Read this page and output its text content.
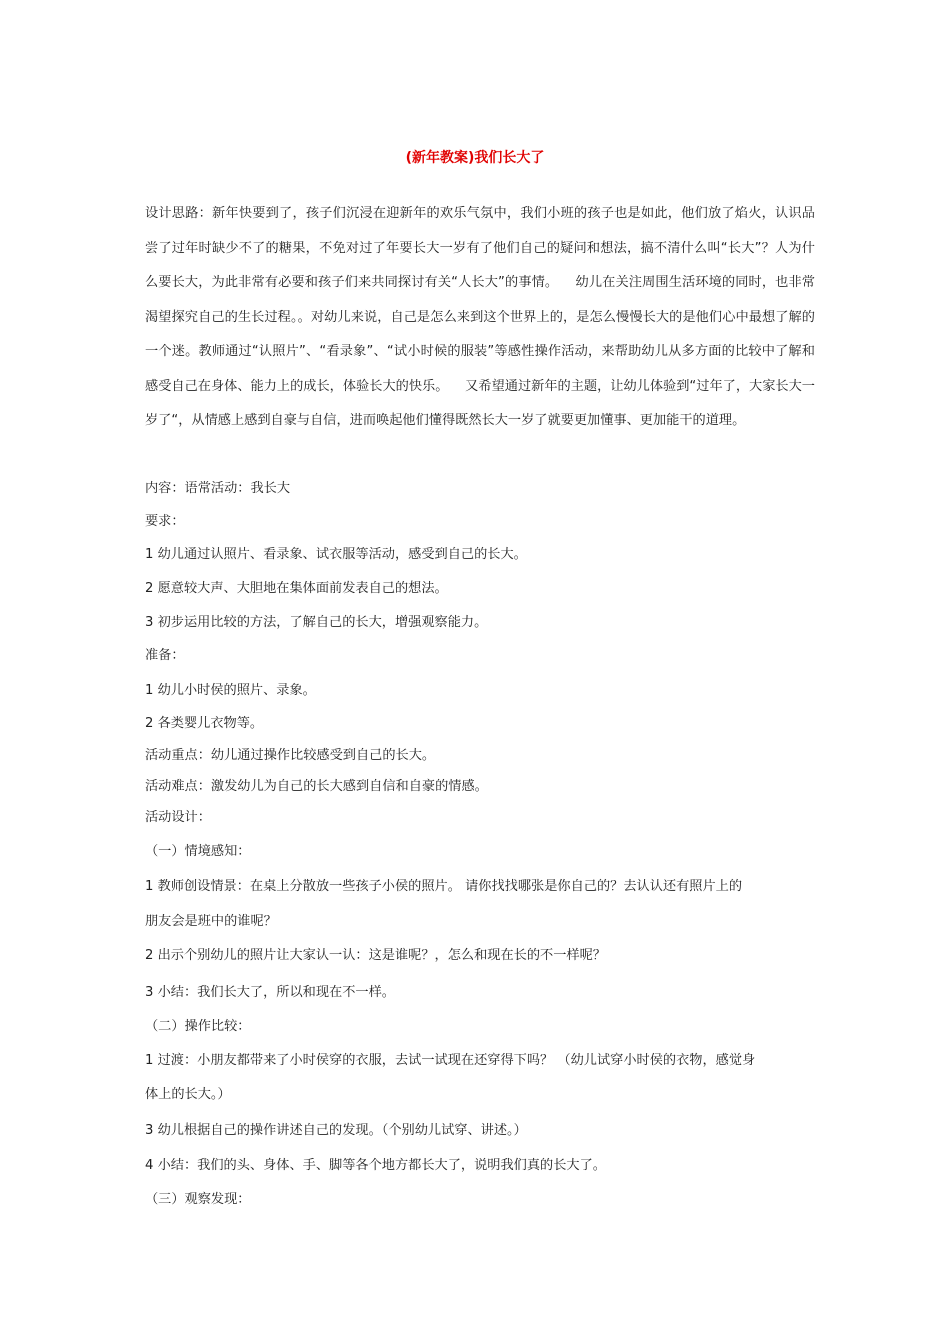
(新年教案)我们长大了
设计思路：新年快要到了，孩子们沉浸在迎新年的欢乐气氛中，我们小班的孩子也是如此，他们放了焰火，认识品尝了过年时缺少不了的糖果，不免对过了年要长大一岁有了他们自己的疑问和想法，搞不清什么叫“长大”？人为什么要长大，为此非常有必要和孩子们来共同探讨有关“人长大”的事情。    幼儿在关注周围生活环境的同时，也非常渴望探究自己的生长过程。。对幼儿来说，自己是怎么来到这个世界上的，是怎么慢慢长大的是他们心中最想了解的一个迷。教师通过“认照片”、“看录象”、“试小时候的服装”等感性操作活动，来帮助幼儿从多方面的比较中了解和感受自己在身体、能力上的成长，体验长大的快乐。    又希望通过新年的主题，让幼儿体验到“过年了，大家长大一岁了“，从情感上感到自豪与自信，进而唤起他们懂得既然长大一岁了就要更加懂事、更加能干的道理。
内容：语常活动：我长大
要求：
1 幼儿通过认照片、看录象、试衣服等活动，感受到自己的长大。
2 愿意较大声、大胆地在集体面前发表自己的想法。
3 初步运用比较的方法，了解自己的长大，增强观察能力。
准备：
1 幼儿小时侯的照片、录象。
2 各类婴儿衣物等。
活动重点：幼儿通过操作比较感受到自己的长大。
活动难点：激发幼儿为自己的长大感到自信和自豪的情感。
活动设计：
（一）情境感知：
1 教师创设情景：在桌上分散放一些孩子小侯的照片。 请你找找哪张是你自己的？去认认还有照片上的
朋友会是班中的谁呢？
2 出示个别幼儿的照片让大家认一认：这是谁呢？，怎么和现在长的不一样呢？
3 小结：我们长大了，所以和现在不一样。
（二）操作比较：
1 过渡：小朋友都带来了小时侯穿的衣服，去试一试现在还穿得下吗？ （幼儿试穿小时侯的衣物，感觉身
体上的长大。）
3 幼儿根据自己的操作讲述自己的发现。（个别幼儿试穿、讲述。）
4 小结：我们的头、身体、手、脚等各个地方都长大了，说明我们真的长大了。
（三）观察发现：
